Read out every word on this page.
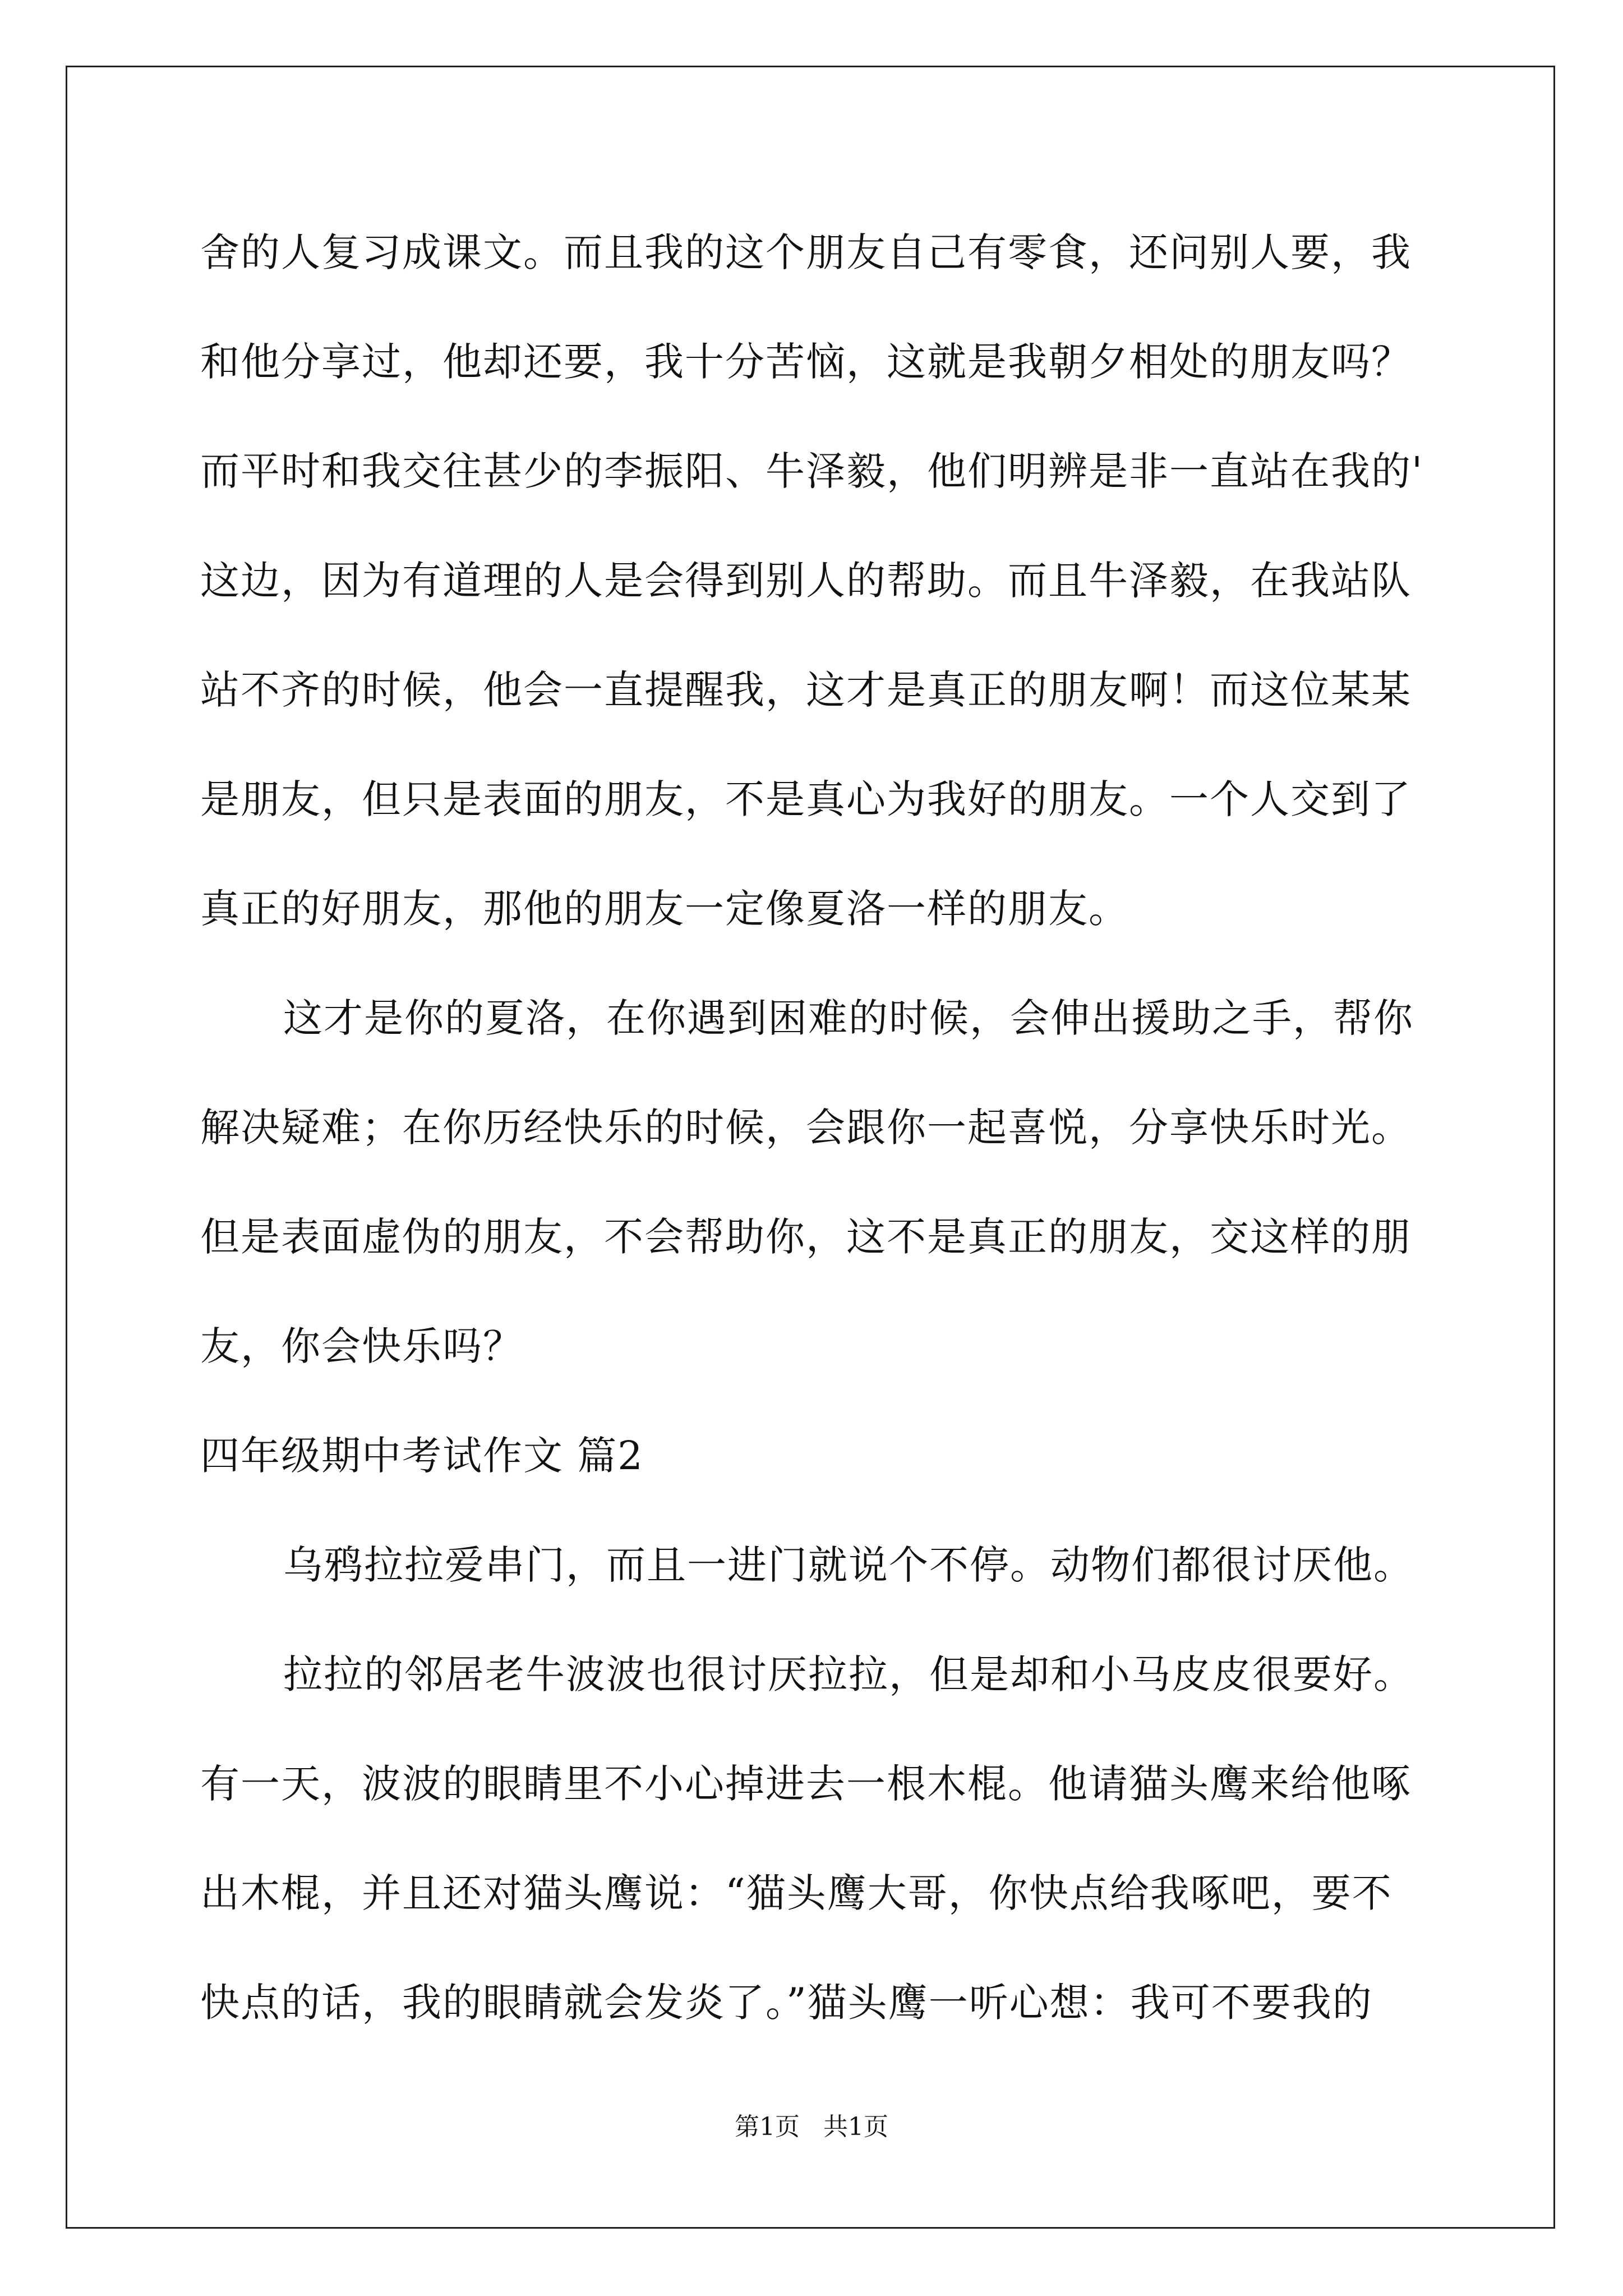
舍的人复习成课文。而且我的这个朋友自己有零食，还问别人要，我
和他分享过，他却还要，我十分苦恼，这就是我朝夕相处的朋友吗？
而平时和我交往甚少的李振阳、牛泽毅，他们明辨是非一直站在我的'
这边，因为有道理的人是会得到别人的帮助。而且牛泽毅，在我站队
站不齐的时候，他会一直提醒我，这才是真正的朋友啊！而这位某某
是朋友，但只是表面的朋友，不是真心为我好的朋友。一个人交到了
真正的好朋友，那他的朋友一定像夏洛一样的朋友。
这才是你的夏洛，在你遇到困难的时候，会伸出援助之手，帮你
解决疑难；在你历经快乐的时候，会跟你一起喜悦，分享快乐时光。
但是表面虚伪的朋友，不会帮助你，这不是真正的朋友，交这样的朋
友，你会快乐吗？
四年级期中考试作文 篇2
乌鸦拉拉爱串门，而且一进门就说个不停。动物们都很讨厌他。
拉拉的邻居老牛波波也很讨厌拉拉，但是却和小马皮皮很要好。
有一天，波波的眼睛里不小心掉进去一根木棍。他请猫头鹰来给他啄
出木棍，并且还对猫头鹰说：“猫头鹰大哥，你快点给我啄吧，要不
快点的话，我的眼睛就会发炎了。”猫头鹰一听心想：我可不要我的
第1页   共1页
